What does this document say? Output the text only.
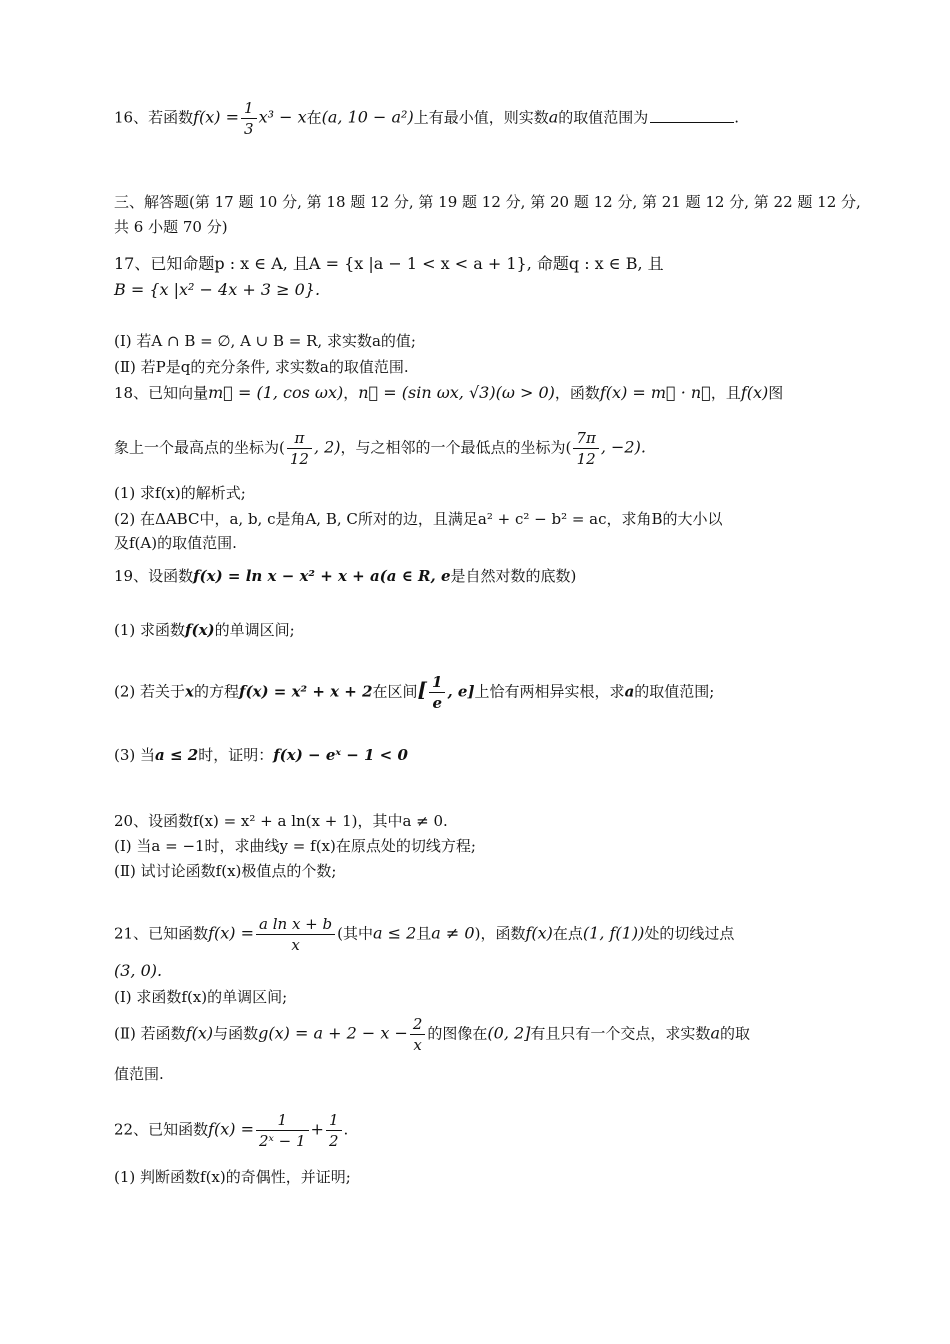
16、若函数$f(x) = \frac{1}{3} x^3 - x$在(a, 10 − a²)上有最小值，则实数a的取值范围为	.
三、解答题(第 17 题 10 分, 第 18 题 12 分, 第 19 题 12 分, 第 20 题 12 分, 第 21 题 12 分, 第 22 题 12 分,
共 6 小题 70 分)
17、已知命题p : x ∈ A, 且A = {x |a − 1 < x < a + 1}, 命题q : x ∈ B, 且
B = {x |x² − 4x + 3 ≥ 0}.
(Ⅰ) 若A ∩ B = ∅, A ∪ B = R, 求实数a的值;
(Ⅱ) 若P是q的充分条件, 求实数a的取值范围.
18、已知向量m⃗ = (1, cos ωx)，n⃗ = (sin ωx, √3)(ω > 0)，函数f(x) = m⃗ · n⃗，且f(x)图
象上一个最高点的坐标为( $\frac{\pi}{12}$ , 2)，与之相邻的一个最低点的坐标为( $\frac{7\pi}{12}$ , −2).
(1) 求f(x)的解析式;
(2) 在ΔABC中，a, b, c是角A, B, C所对的边，且满足a² + c² − b² = ac，求角B的大小以
及f(A)的取值范围.
19、设函数f(x) = ln x − x² + x + a(a ∈ R, e是自然对数的底数)
(1) 求函数f(x)的单调区间;
(2) 若关于x的方程f(x) = x² + x + 2在区间[ $\frac{1}{e}$ , e]上恰有两相异实根，求a的取值范围;
(3) 当a ≤ 2时，证明：f(x) − eˣ − 1 < 0
20、设函数f(x) = x² + a ln(x + 1)，其中a ≠ 0.
(Ⅰ) 当a = −1时，求曲线y = f(x)在原点处的切线方程;
(Ⅱ) 试讨论函数f(x)极值点的个数;
21、已知函数$f(x) = \frac{\text{a ln x + b}}{x}$ (其中a ≤ 2且a ≠ 0)，函数f(x)在点(1, f(1))处的切线过点
(3, 0).
(Ⅰ) 求函数f(x)的单调区间;
(Ⅱ) 若函数f(x)与函数$g(x) = a + 2 - x - \frac{2}{x}$ 的图像在(0, 2]有且只有一个交点，求实数a的取
值范围.
22、已知函数$f(x) = \frac{1}{\text{2ˣ − 1}} + \frac{1}{2}$ .
(1) 判断函数f(x)的奇偶性，并证明;
